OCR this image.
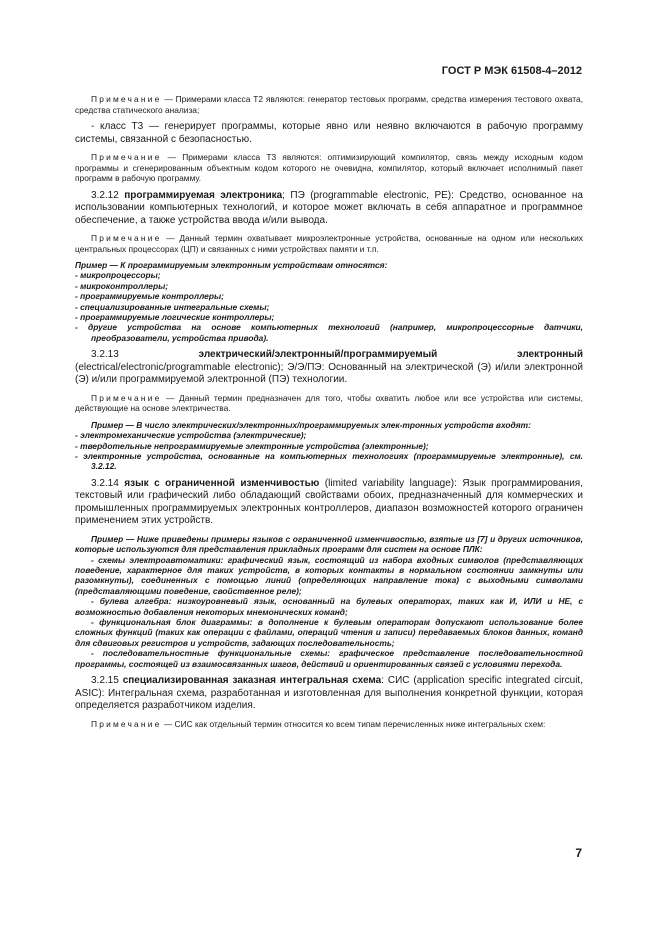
ГОСТ Р МЭК 61508-4–2012

Примечание — Примерами класса Т2 являются: генератор тестовых программ, средства измерения тестового охвата, средства статического анализа;

- класс Т3 — генерирует программы, которые явно или неявно включаются в рабочую программу системы, связанной с безопасностью.

Примечание — Примерами класса Т3 являются: оптимизирующий компилятор, связь между исходным кодом программы и сгенерированным объектным кодом которого не очевидна, компилятор, который включает исполнимый пакет программ в рабочую программу.

3.2.12 программируемая электроника; ПЭ (programmable electronic, PE): Средство, основанное на использовании компьютерных технологий, и которое может включать в себя аппаратное и программное обеспечение, а также устройства ввода и/или вывода.

Примечание — Данный термин охватывает микроэлектронные устройства, основанные на одном или нескольких центральных процессорах (ЦП) и связанных с ними устройствах памяти и т.п.

Пример — К программируемым электронным устройствам относятся:
- микропроцессоры;
- микроконтроллеры;
- программируемые контроллеры;
- специализированные интегральные схемы;
- программируемые логические контроллеры;
- другие устройства на основе компьютерных технологий (например, микропроцессорные датчики, преобразователи, устройства привода).

3.2.13 электрический/электронный/программируемый электронный (electrical/electronic/programmable electronic); Э/Э/ПЭ: Основанный на электрической (Э) и/или электронной (Э) и/или программируемой электронной (ПЭ) технологии.

Примечание — Данный термин предназначен для того, чтобы охватить любое или все устройства или системы, действующие на основе электричества.

Пример — В число электрических/электронных/программируемых элек-тронных устройств входят:
- электромеханические устройства (электрические);
- твердотельные непрограммируемые электронные устройства (электронные);
- электронные устройства, основанные на компьютерных технологиях (программируемые электронные), см. 3.2.12.

3.2.14 язык с ограниченной изменчивостью (limited variability language): Язык программирования, текстовый или графический либо обладающий свойствами обоих, предназначенный для коммерческих и промышленных программируемых электронных контроллеров, диапазон возможностей которого ограничен применением этих устройств.

Пример — Ниже приведены примеры языков с ограниченной изменчивостью, взятые из [7] и других источников, которые используются для представления прикладных программ для систем на основе ПЛК:
- схемы электроавтоматики: графический язык, состоящий из набора входных символов (представляющих поведение, характерное для таких устройств, в которых контакты в нормальном состоянии замкнуты или разомкнуты), соединенных с помощью линий (определяющих направление тока) с выходными символами (представляющими поведение, свойственное реле);
- булева алгебра: низкоуровневый язык, основанный на булевых операторах, таких как И, ИЛИ и НЕ, с возможностью добавления некоторых мнемонических команд;
- функциональная блок диаграммы: в дополнение к булевым операторам допускают использование более сложных функций (таких как операции с файлами, операций чтения и записи) передаваемых блоков данных, команд для сдвиговых регистров и устройств, задающих последовательность;
- последовательностные функциональные схемы: графическое представление последовательностной программы, состоящей из взаимосвязанных шагов, действий и ориентированных связей с условиями перехода.

3.2.15 специализированная заказная интегральная схема: СИС (application specific integrated circuit, ASIC): Интегральная схема, разработанная и изготовленная для выполнения конкретной функции, которая определяется разработчиком изделия.

Примечание — СИС как отдельный термин относится ко всем типам перечисленных ниже интегральных схем:

7
